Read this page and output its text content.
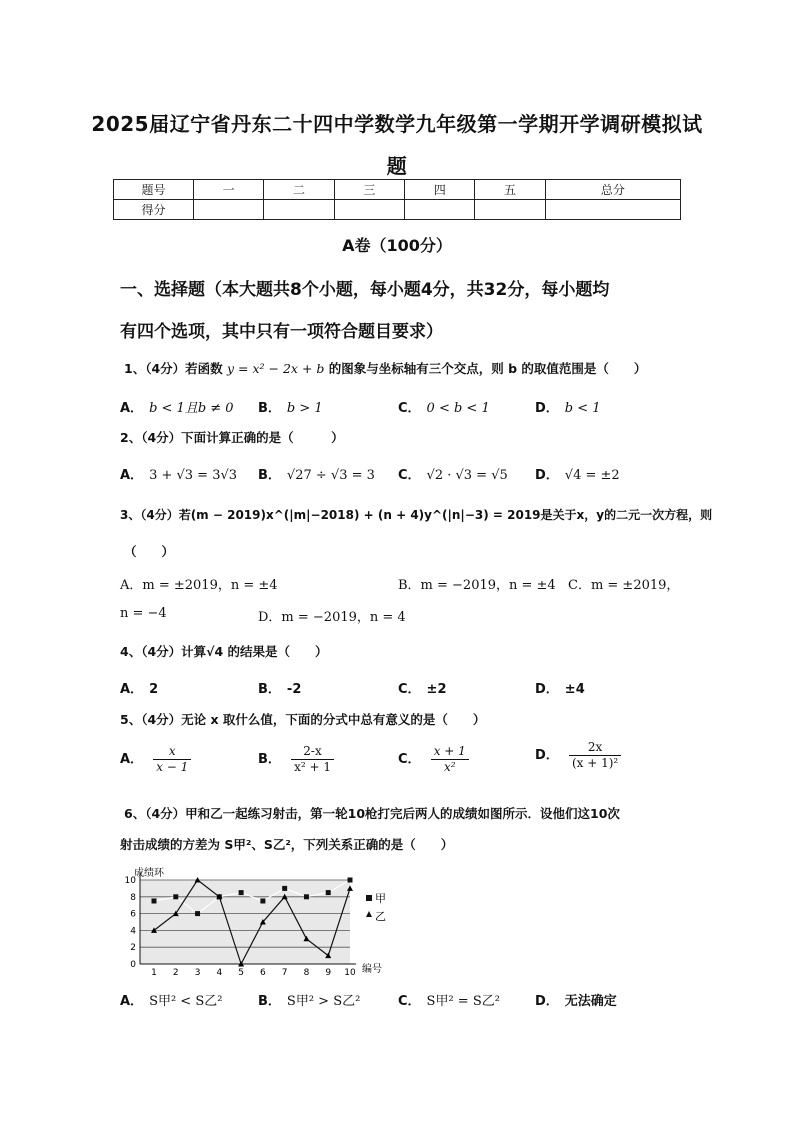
2025届辽宁省丹东二十四中学数学九年级第一学期开学调研模拟试
题
题号	一	二	三	四	五	总分
得分						
A卷（100分）
一、选择题（本大题共8个小题，每小题4分，共32分，每小题均
有四个选项，其中只有一项符合题目要求）
1、（4分）若函数 y = x² − 2x + b 的图象与坐标轴有三个交点，则 b 的取值范围是（　　）
A． b < 1且b ≠ 0 B． b > 1	C． 0 < b < 1	D． b < 1
2、（4分）下面计算正确的是（　　　）
A． 3 + √3 = 3√3 B． √27 ÷ √3 = 3 C． √2 · √3 = √5 D． √4 = ±2
3、（4分）若(m − 2019)x^(|m|−2018) + (n + 4)y^(|n|−3) = 2019是关于x，y的二元一次方程，则
（　　）
A．m = ±2019，n = ±4	B．m = −2019，n = ±4 C．m = ±2019，
n = −4	D．m = −2019，n = 4
4、（4分）计算√4 的结果是（　　）
A． 2	B． -2	C． ±2	D． ±4
5、（4分）无论 x 取什么值，下面的分式中总有意义的是（　　）
A． $\frac{x}{x - 1}$	B． $\frac{2-x}{\text{x² + 1}}$	C． $\frac{x + 1}{\text{x²}}$	D． $\frac{2x}{\text{(x + 1)²}}$
6、（4分）甲和乙一起练习射击，第一轮10枪打完后两人的成绩如图所示．设他们这10次
射击成绩的方差为 S甲²、S乙²，下列关系正确的是（　　）
0
2
4
6
8
10
1 2 3 4 5 6 7 8 9 10
成绩环
编号
甲
乙
A． S甲² < S乙²	B． S甲² > S乙²	C． S甲² = S乙²	D． 无法确定
